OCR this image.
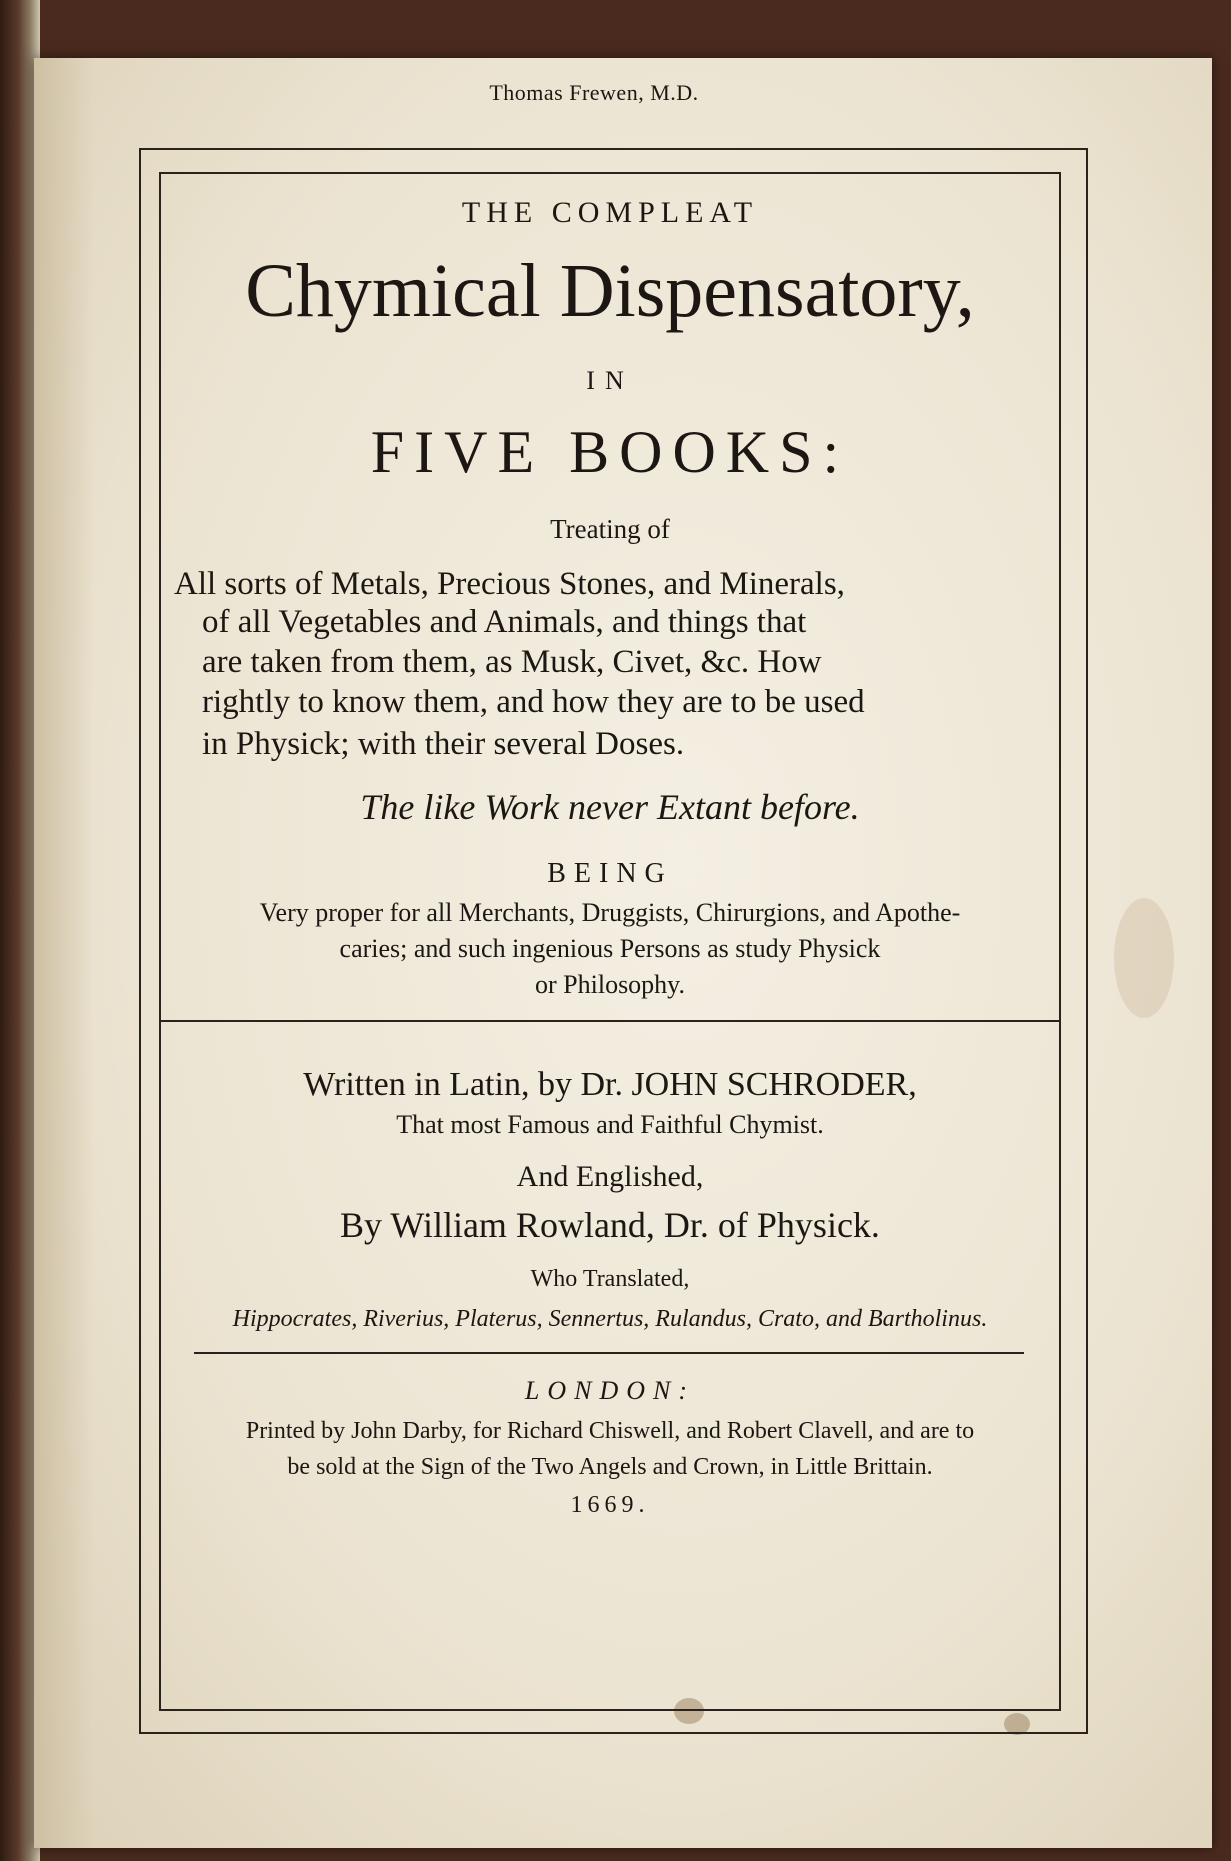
Thomas Frewen, M.D.
THE COMPLEAT
Chymical Dispensatory,
IN
FIVE BOOKS:
Treating of
All sorts of Metals, Precious Stones, and Minerals,
of all Vegetables and Animals, and things that
are taken from them, as Musk, Civet, &c. How
rightly to know them, and how they are to be used
in Physick; with their several Doses.
The like Work never Extant before.
BEING
Very proper for all Merchants, Druggists, Chirurgions, and Apothe-
caries; and such ingenious Persons as study Physick
or Philosophy.
Written in Latin, by Dr. JOHN SCHRODER,
That most Famous and Faithful Chymist.
And Englished,
By William Rowland, Dr. of Physick.
Who Translated,
Hippocrates, Riverius, Platerus, Sennertus, Rulandus, Crato, and Bartholinus.
LONDON:
Printed by John Darby, for Richard Chiswell, and Robert Clavell, and are to
be sold at the Sign of the Two Angels and Crown, in Little Brittain.
1669.
